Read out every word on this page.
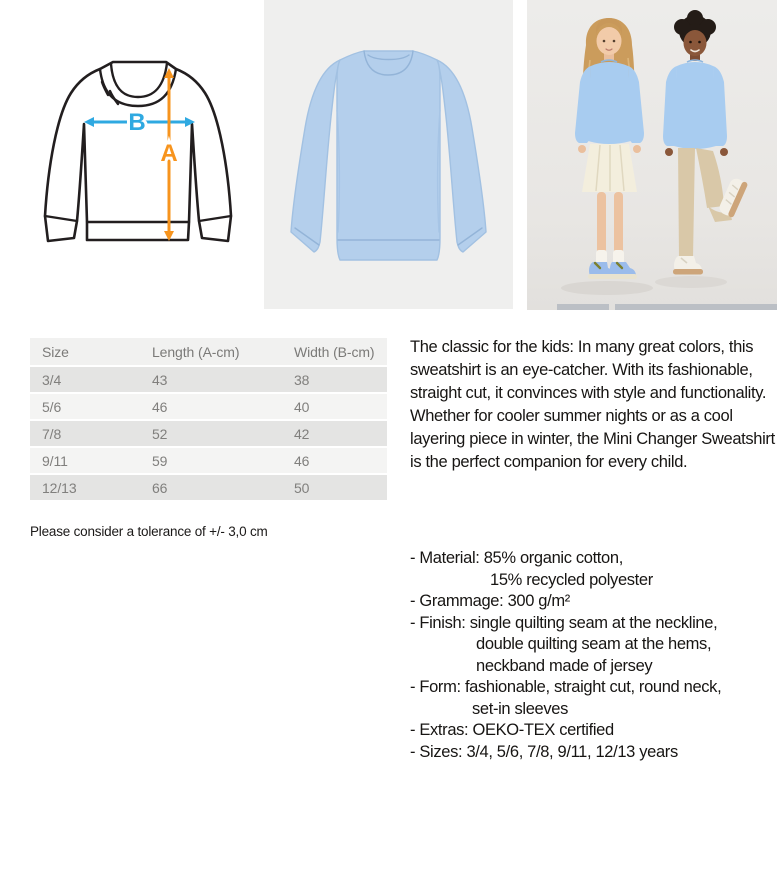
B
A
Size	Length (A-cm)	Width (B-cm)
3/4	43	38
5/6	46	40
7/8	52	42
9/11	59	46
12/13	66	50
Please consider a tolerance of +/- 3,0 cm
The classic for the kids: In many great colors, this sweatshirt is an eye-catcher. With its fashionable, straight cut, it convinces with style and functionality. Whether for cooler summer nights or as a cool layering piece in winter, the Mini Changer Sweatshirt is the perfect companion for every child.
- Material: 85% organic cotton,
15% recycled polyester
- Grammage: 300 g/m²
- Finish: single quilting seam at the neckline,
double quilting seam at the hems,
neckband made of jersey
- Form: fashionable, straight cut, round neck,
set-in sleeves
- Extras: OEKO-TEX certified
- Sizes: 3/4, 5/6, 7/8, 9/11, 12/13 years
